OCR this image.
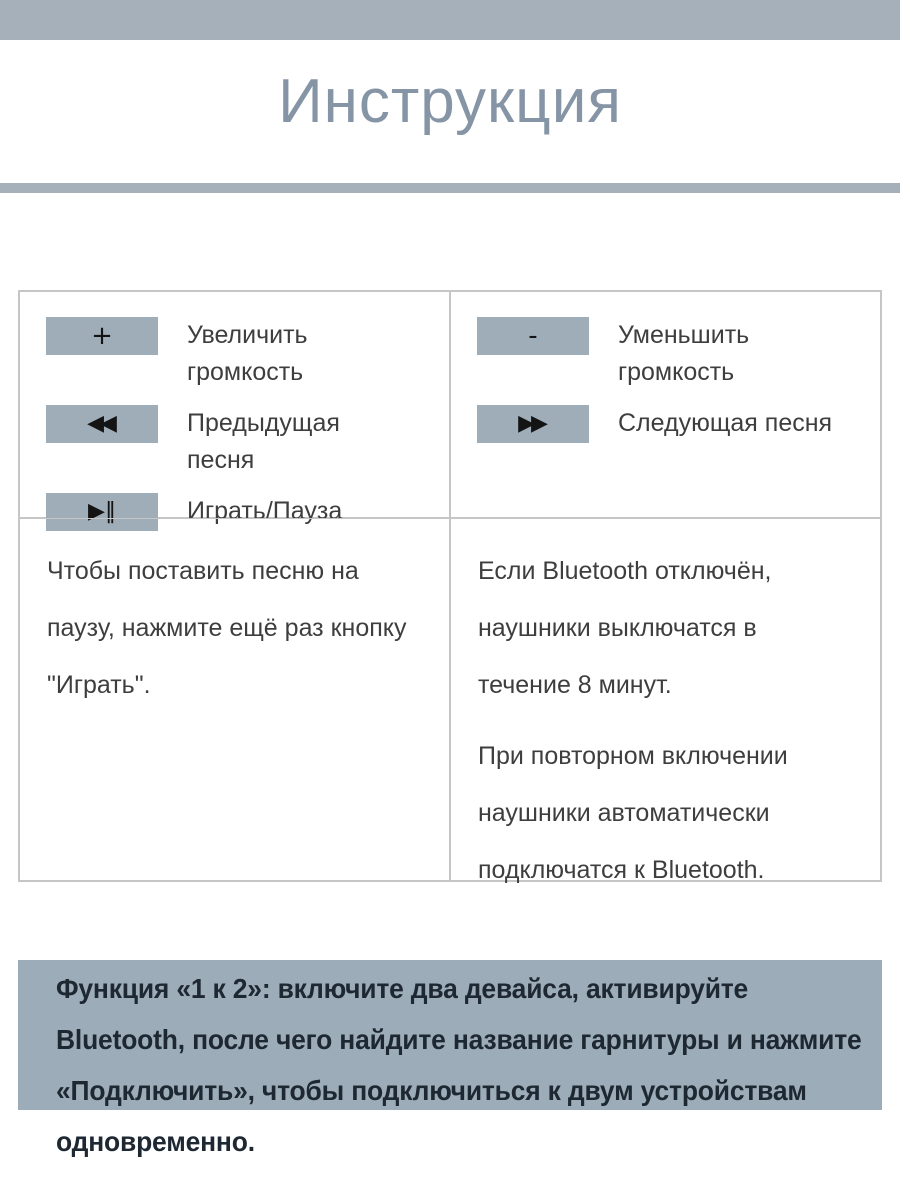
Инструкция
+	Увеличить громкость
◀◀	Предыдущая песня
▶‖	Играть/Пауза
-	Уменьшить громкость
▶▶	Следующая песня

Чтобы поставить песню на паузу, нажмите ещё раз кнопку "Играть".

Если Bluetooth отключён, наушники выключатся в течение 8 минут.

При повторном включении наушники автоматически подключатся к Bluetooth.

Функция «1 к 2»: включите два девайса, активируйте Bluetooth, после чего найдите название гарнитуры и нажмите «Подключить», чтобы подключиться к двум устройствам одновременно.
